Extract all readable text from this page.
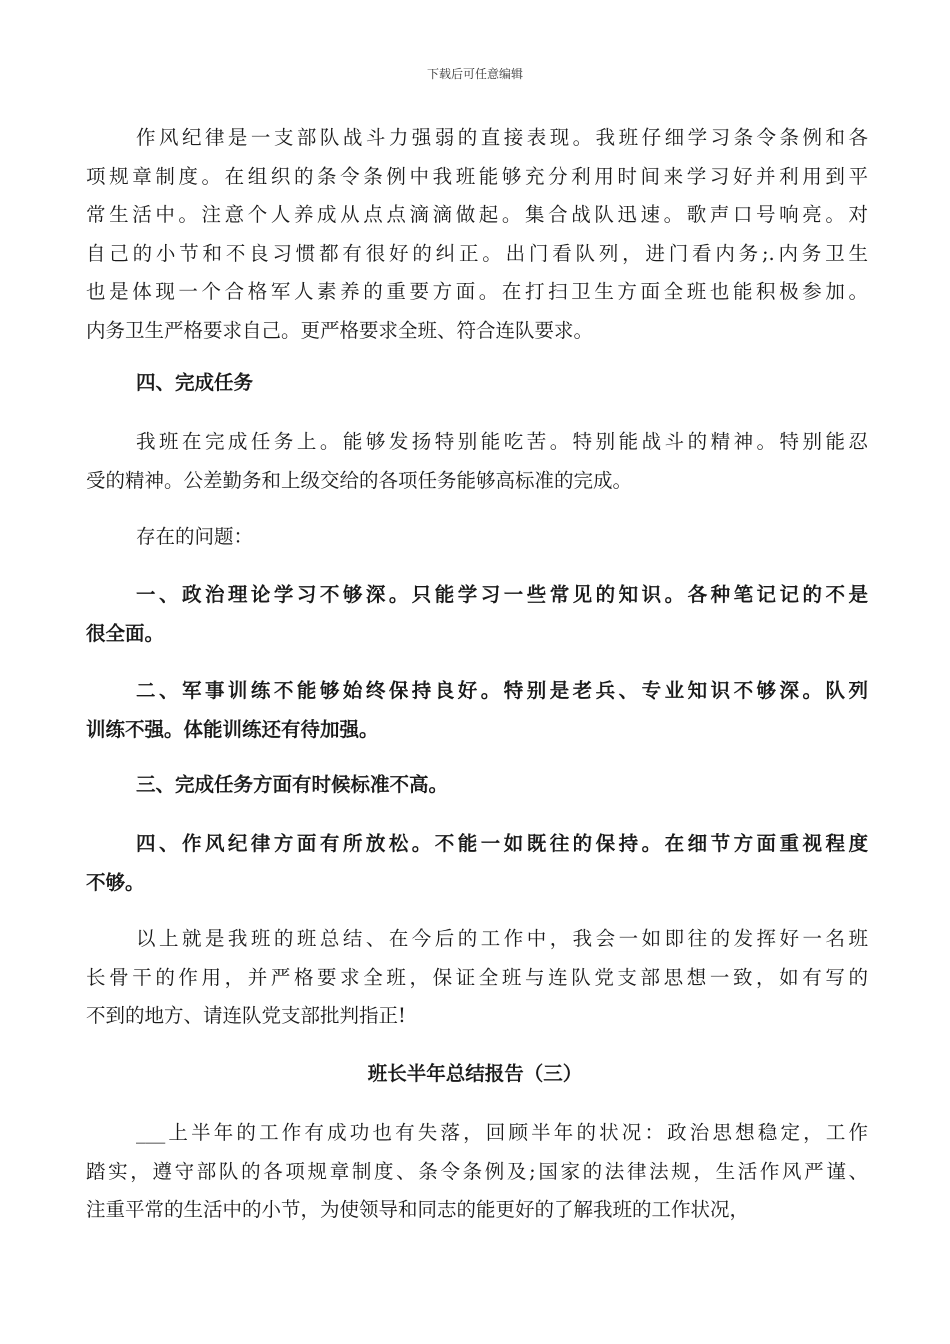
下载后可任意编辑
作风纪律是一支部队战斗力强弱的直接表现。我班仔细学习条令条例和各
项规章制度。在组织的条令条例中我班能够充分利用时间来学习好并利用到平
常生活中。注意个人养成从点点滴滴做起。集合战队迅速。歌声口号响亮。对
自己的小节和不良习惯都有很好的纠正。出门看队列，进门看内务;.内务卫生
也是体现一个合格军人素养的重要方面。在打扫卫生方面全班也能积极参加。
内务卫生严格要求自己。更严格要求全班、符合连队要求。
四、完成任务
我班在完成任务上。能够发扬特别能吃苦。特别能战斗的精神。特别能忍
受的精神。公差勤务和上级交给的各项任务能够高标准的完成。
存在的问题：
一、政治理论学习不够深。只能学习一些常见的知识。各种笔记记的不是
很全面。
二、军事训练不能够始终保持良好。特别是老兵、专业知识不够深。队列
训练不强。体能训练还有待加强。
三、完成任务方面有时候标准不高。
四、作风纪律方面有所放松。不能一如既往的保持。在细节方面重视程度
不够。
以上就是我班的班总结、在今后的工作中，我会一如即往的发挥好一名班
长骨干的作用，并严格要求全班，保证全班与连队党支部思想一致，如有写的
不到的地方、请连队党支部批判指正!
班长半年总结报告（三）
___上半年的工作有成功也有失落，回顾半年的状况：政治思想稳定，工作
踏实，遵守部队的各项规章制度、条令条例及;国家的法律法规，生活作风严谨、
注重平常的生活中的小节，为使领导和同志的能更好的了解我班的工作状况，
